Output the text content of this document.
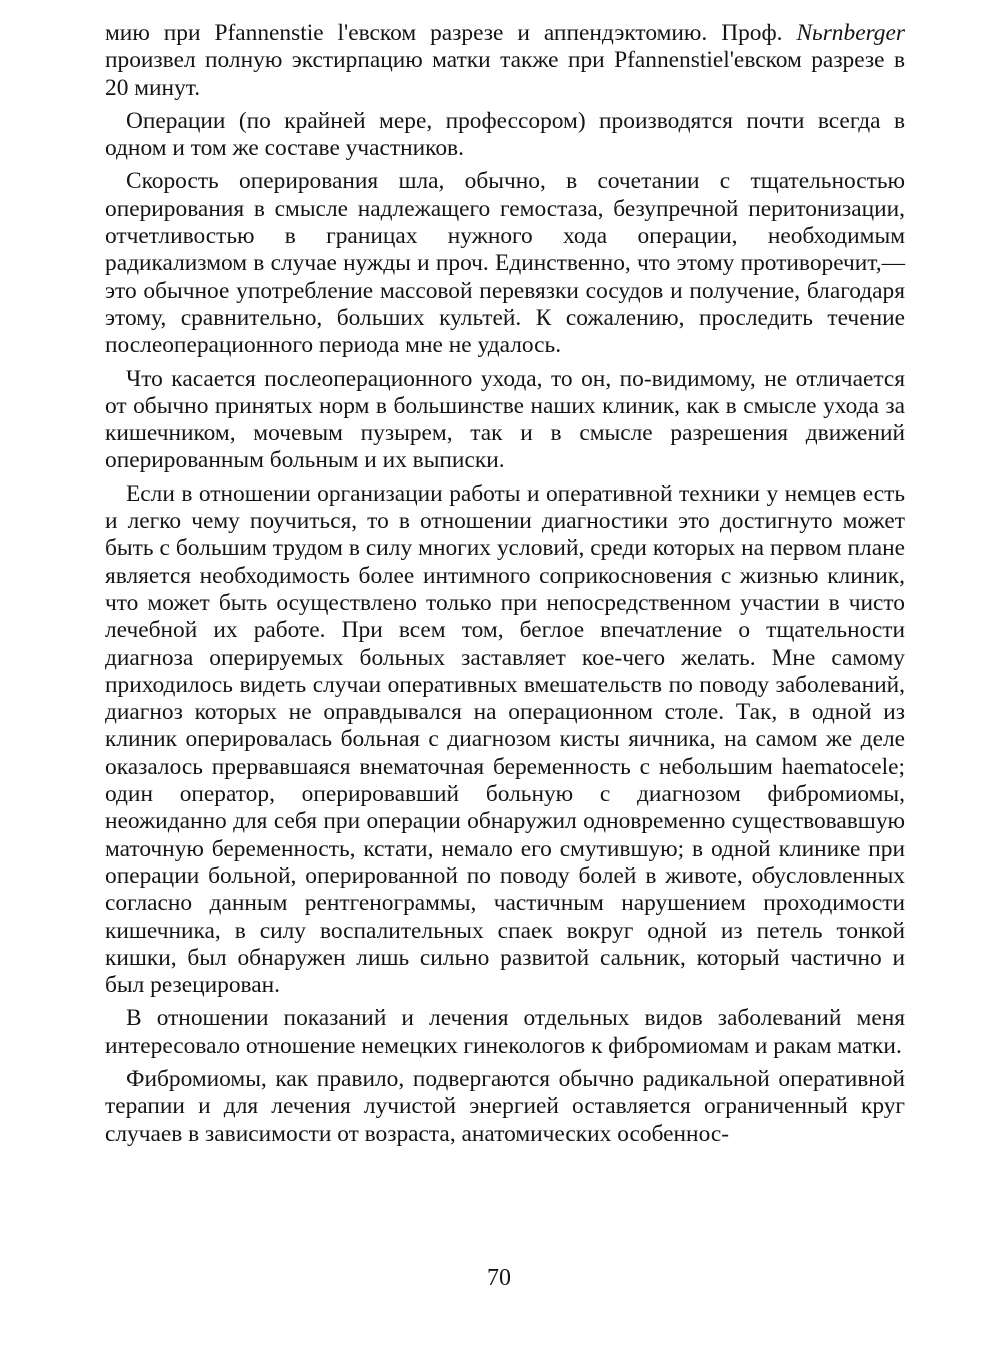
мию при Pfannenstie l'евском разрезе и аппендэктомию. Проф. Nьrnberger произвел полную экстирпацию матки также при Pfannenstiel'евском разрезе в 20 минут.

Операции (по крайней мере, профессором) производятся почти всегда в одном и том же составе участников.

Скорость оперирования шла, обычно, в сочетании с тщательностью оперирования в смысле надлежащего гемостаза, безупречной перитонизации, отчетливостью в границах нужного хода операции, необходимым радикализмом в случае нужды и проч. Единственно, что этому противоречит,—это обычное употребление массовой перевязки сосудов и получение, благодаря этому, сравнительно, больших культей. К сожалению, проследить течение послеоперационного периода мне не удалось.

Что касается послеоперационного ухода, то он, по-видимому, не отличается от обычно принятых норм в большинстве наших клиник, как в смысле ухода за кишечником, мочевым пузырем, так и в смысле разрешения движений оперированным больным и их выписки.

Если в отношении организации работы и оперативной техники у немцев есть и легко чему поучиться, то в отношении диагностики это достигнуто может быть с большим трудом в силу многих условий, среди которых на первом плане является необходимость более интимного соприкосновения с жизнью клиник, что может быть осуществлено только при непосредственном участии в чисто лечебной их работе. При всем том, беглое впечатление о тщательности диагноза оперируемых больных заставляет кое-чего желать. Мне самому приходилось видеть случаи оперативных вмешательств по поводу заболеваний, диагноз которых не оправдывался на операционном столе. Так, в одной из клиник оперировалась больная с диагнозом кисты яичника, на самом же деле оказалось прервавшаяся внематочная беременность с небольшим haematocele; один оператор, оперировавший больную с диагнозом фибромиомы, неожиданно для себя при операции обнаружил одновременно существовавшую маточную беременность, кстати, немало его смутившую; в одной клинике при операции больной, оперированной по поводу болей в животе, обусловленных согласно данным рентгенограммы, частичным нарушением проходимости кишечника, в силу воспалительных спаек вокруг одной из петель тонкой кишки, был обнаружен лишь сильно развитой сальник, который частично и был резецирован.

В отношении показаний и лечения отдельных видов заболеваний меня интересовало отношение немецких гинекологов к фибромиомам и ракам матки.

Фибромиомы, как правило, подвергаются обычно радикальной оперативной терапии и для лечения лучистой энергией оставляется ограниченный круг случаев в зависимости от возраста, анатомических особеннос-

70
